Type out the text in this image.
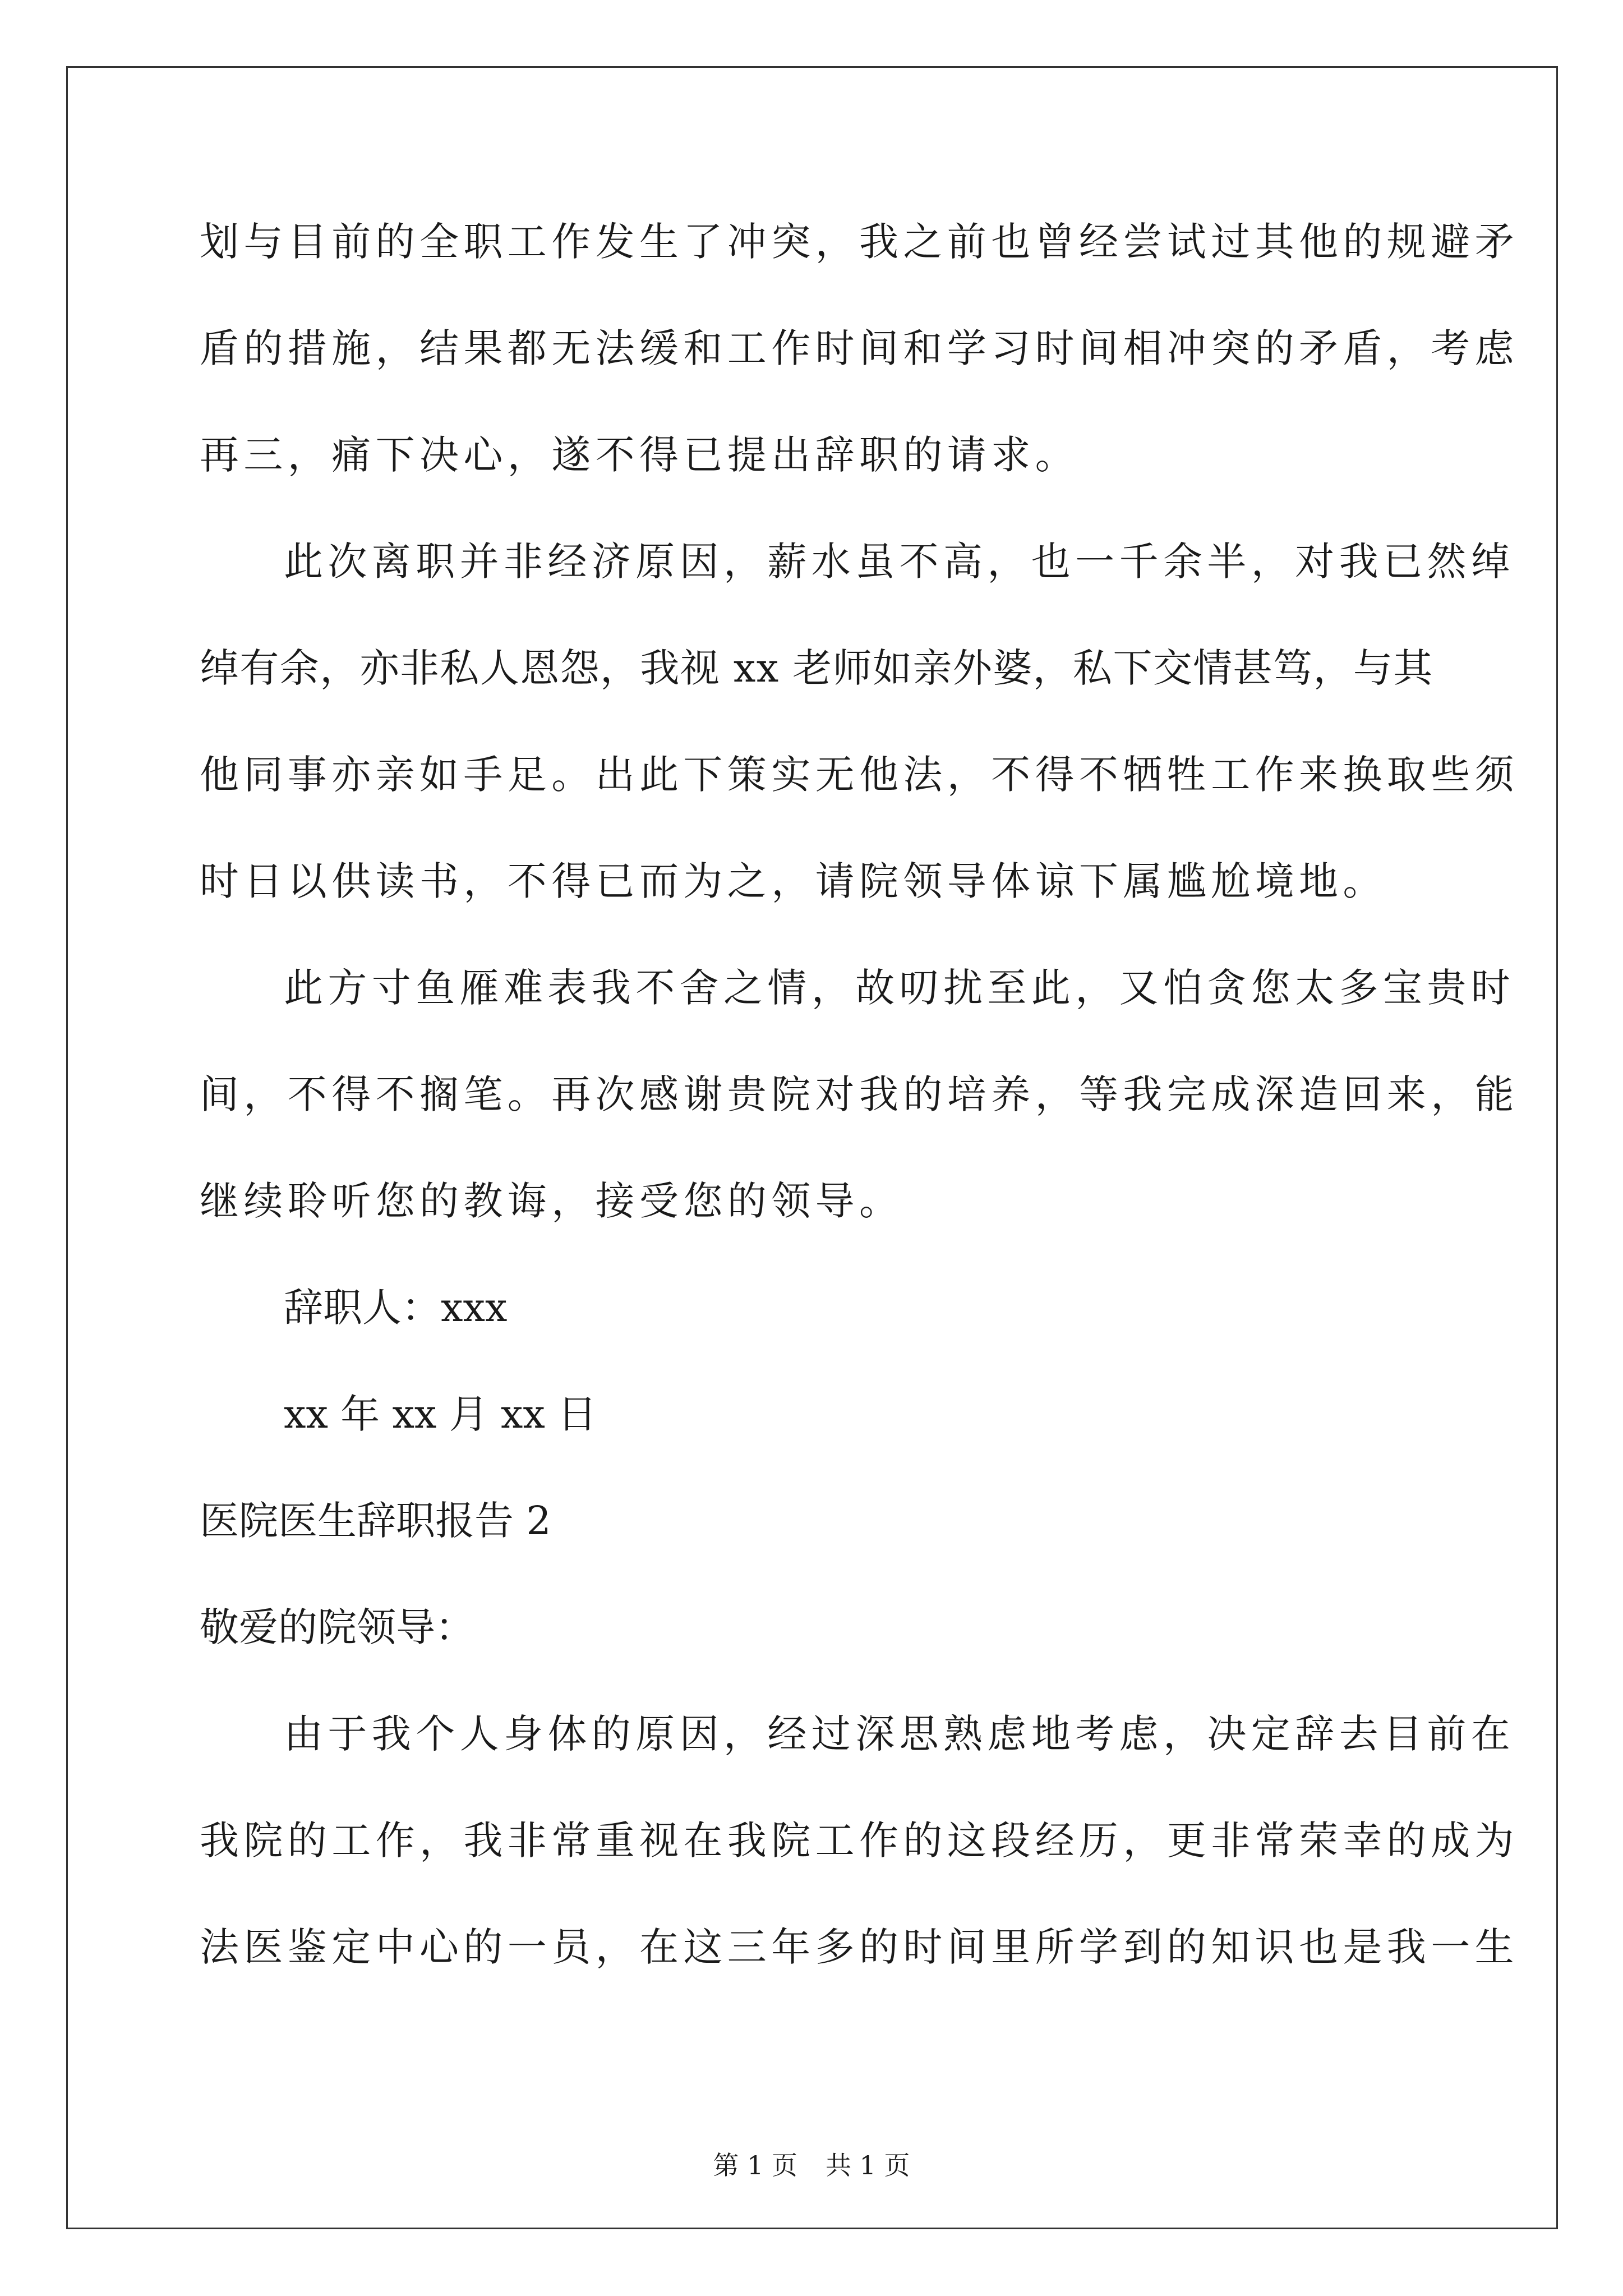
划与目前的全职工作发生了冲突，我之前也曾经尝试过其他的规避矛
盾的措施，结果都无法缓和工作时间和学习时间相冲突的矛盾，考虑
再三，痛下决心，遂不得已提出辞职的请求。
此次离职并非经济原因，薪水虽不高，也一千余半，对我已然绰
绰有余，亦非私人恩怨，我视 xx 老师如亲外婆，私下交情甚笃，与其
他同事亦亲如手足。出此下策实无他法，不得不牺牲工作来换取些须
时日以供读书，不得已而为之，请院领导体谅下属尴尬境地。
此方寸鱼雁难表我不舍之情，故叨扰至此，又怕贪您太多宝贵时
间，不得不搁笔。再次感谢贵院对我的培养，等我完成深造回来，能
继续聆听您的教诲，接受您的领导。
辞职人：xxx
xx 年 xx 月 xx 日
医院医生辞职报告 2
敬爱的院领导：
由于我个人身体的原因，经过深思熟虑地考虑，决定辞去目前在
我院的工作，我非常重视在我院工作的这段经历，更非常荣幸的成为
法医鉴定中心的一员，在这三年多的时间里所学到的知识也是我一生
第 1 页 共 1 页
